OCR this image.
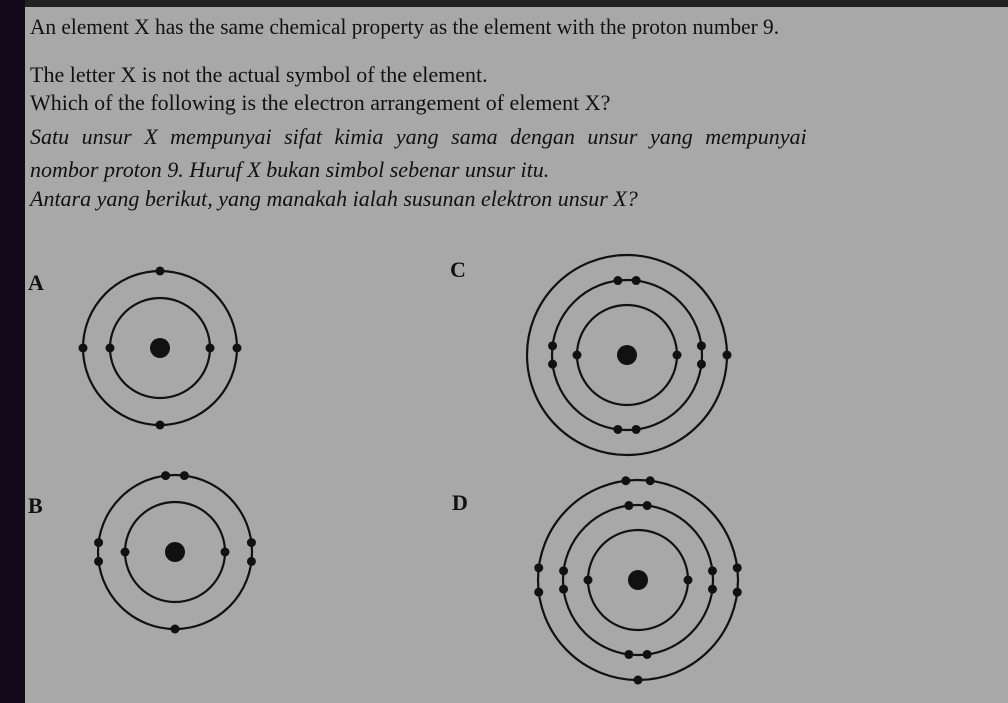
An element X has the same chemical property as the element with the proton number 9.
The letter X is not the actual symbol of the element.
Which of the following is the electron arrangement of element X?
Satu unsur X mempunyai sifat kimia yang sama dengan unsur yang mempunyai
nombor proton 9. Huruf X bukan simbol sebenar unsur itu.
Antara yang berikut, yang manakah ialah susunan elektron unsur X?
A
B
C
D
